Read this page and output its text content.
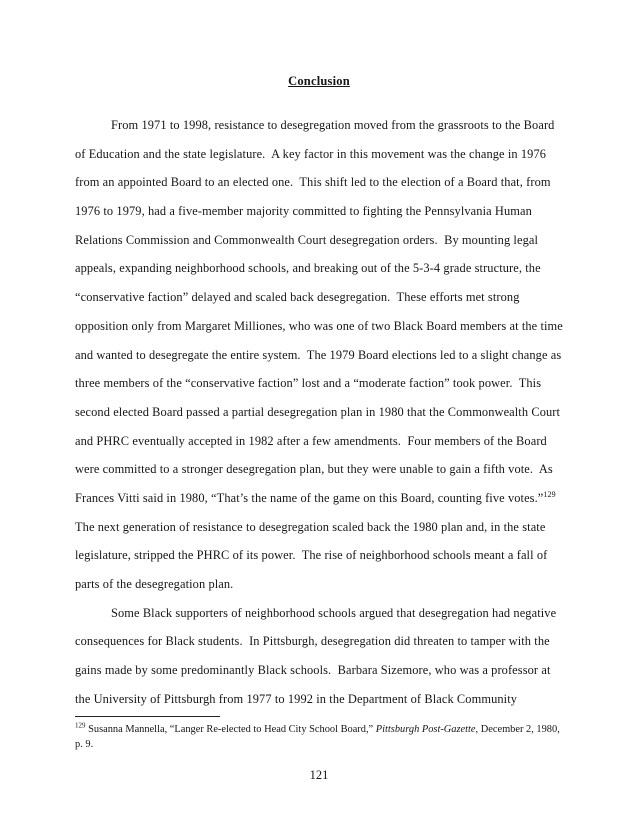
Conclusion
From 1971 to 1998, resistance to desegregation moved from the grassroots to the Board
of Education and the state legislature.  A key factor in this movement was the change in 1976
from an appointed Board to an elected one.  This shift led to the election of a Board that, from
1976 to 1979, had a five-member majority committed to fighting the Pennsylvania Human
Relations Commission and Commonwealth Court desegregation orders.  By mounting legal
appeals, expanding neighborhood schools, and breaking out of the 5-3-4 grade structure, the
“conservative faction” delayed and scaled back desegregation.  These efforts met strong
opposition only from Margaret Milliones, who was one of two Black Board members at the time
and wanted to desegregate the entire system.  The 1979 Board elections led to a slight change as
three members of the “conservative faction” lost and a “moderate faction” took power.  This
second elected Board passed a partial desegregation plan in 1980 that the Commonwealth Court
and PHRC eventually accepted in 1982 after a few amendments.  Four members of the Board
were committed to a stronger desegregation plan, but they were unable to gain a fifth vote.  As
Frances Vitti said in 1980, “That’s the name of the game on this Board, counting five votes.”$^{129}$
The next generation of resistance to desegregation scaled back the 1980 plan and, in the state
legislature, stripped the PHRC of its power.  The rise of neighborhood schools meant a fall of
parts of the desegregation plan.
Some Black supporters of neighborhood schools argued that desegregation had negative
consequences for Black students.  In Pittsburgh, desegregation did threaten to tamper with the
gains made by some predominantly Black schools.  Barbara Sizemore, who was a professor at
the University of Pittsburgh from 1977 to 1992 in the Department of Black Community
$^{129}$ Susanna Mannella, “Langer Re-elected to Head City School Board,” Pittsburgh Post-Gazette, December 2, 1980,
p. 9.
121
